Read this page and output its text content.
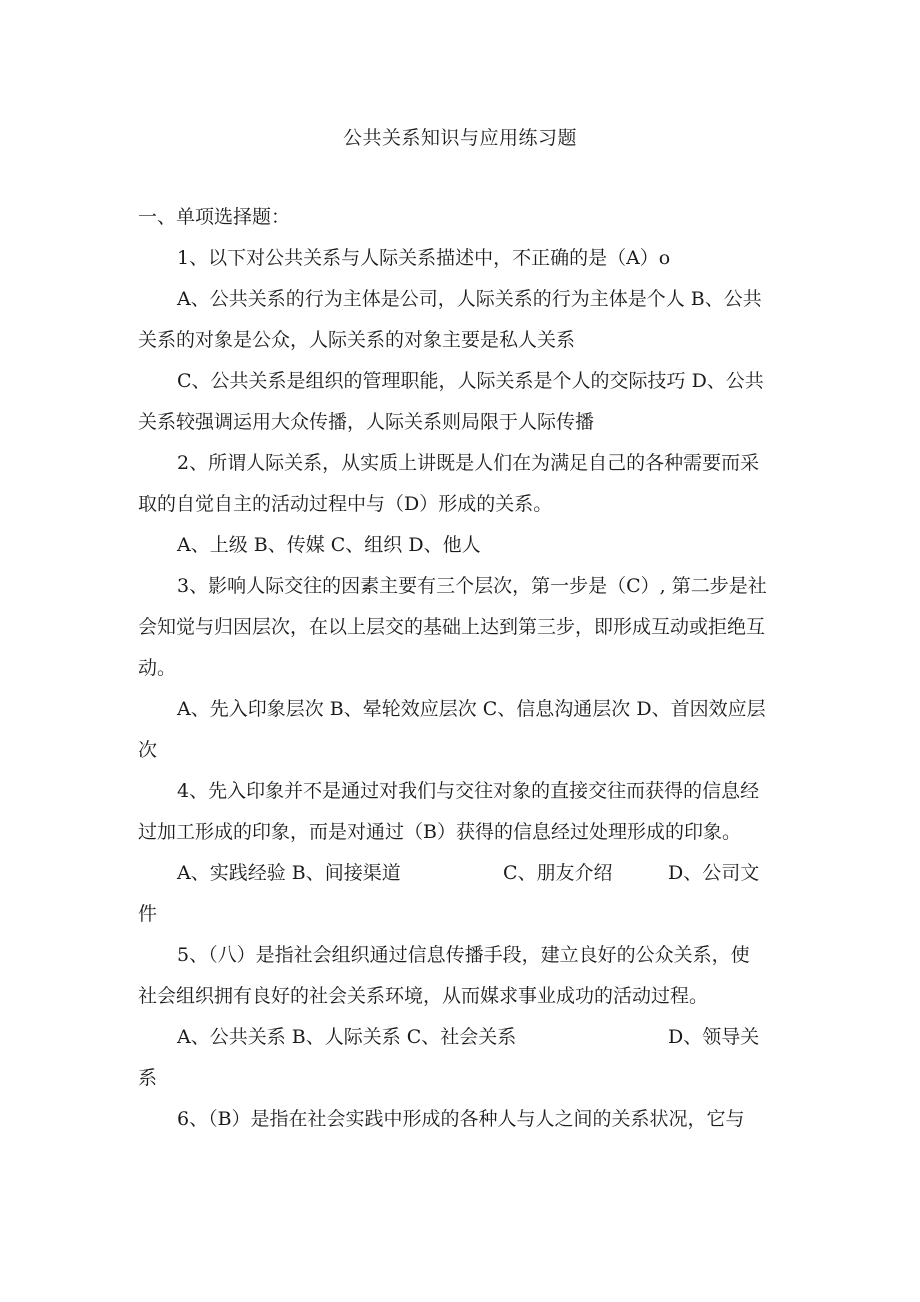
公共关系知识与应用练习题

一、单项选择题：

1、以下对公共关系与人际关系描述中，不正确的是（A）o

A、公共关系的行为主体是公司，人际关系的行为主体是个人 B、公共

关系的对象是公众，人际关系的对象主要是私人关系

C、公共关系是组织的管理职能，人际关系是个人的交际技巧 D、公共

关系较强调运用大众传播，人际关系则局限于人际传播

2、所谓人际关系，从实质上讲既是人们在为满足自己的各种需要而采

取的自觉自主的活动过程中与（D）形成的关系。

A、上级 B、传媒 C、组织 D、他人

3、影响人际交往的因素主要有三个层次，第一步是（C）, 第二步是社

会知觉与归因层次，在以上层交的基础上达到第三步，即形成互动或拒绝互

动。

A、先入印象层次 B、晕轮效应层次 C、信息沟通层次 D、首因效应层

次

4、先入印象并不是通过对我们与交往对象的直接交往而获得的信息经

过加工形成的印象，而是对通过（B）获得的信息经过处理形成的印象。

A、实践经验 B、间接渠道	C、朋友介绍	D、公司文

件

5、（八）是指社会组织通过信息传播手段，建立良好的公众关系，使

社会组织拥有良好的社会关系环境，从而媒求事业成功的活动过程。

A、公共关系 B、人际关系 C、社会关系	D、领导关

系

6、（B）是指在社会实践中形成的各种人与人之间的关系状况，它与
